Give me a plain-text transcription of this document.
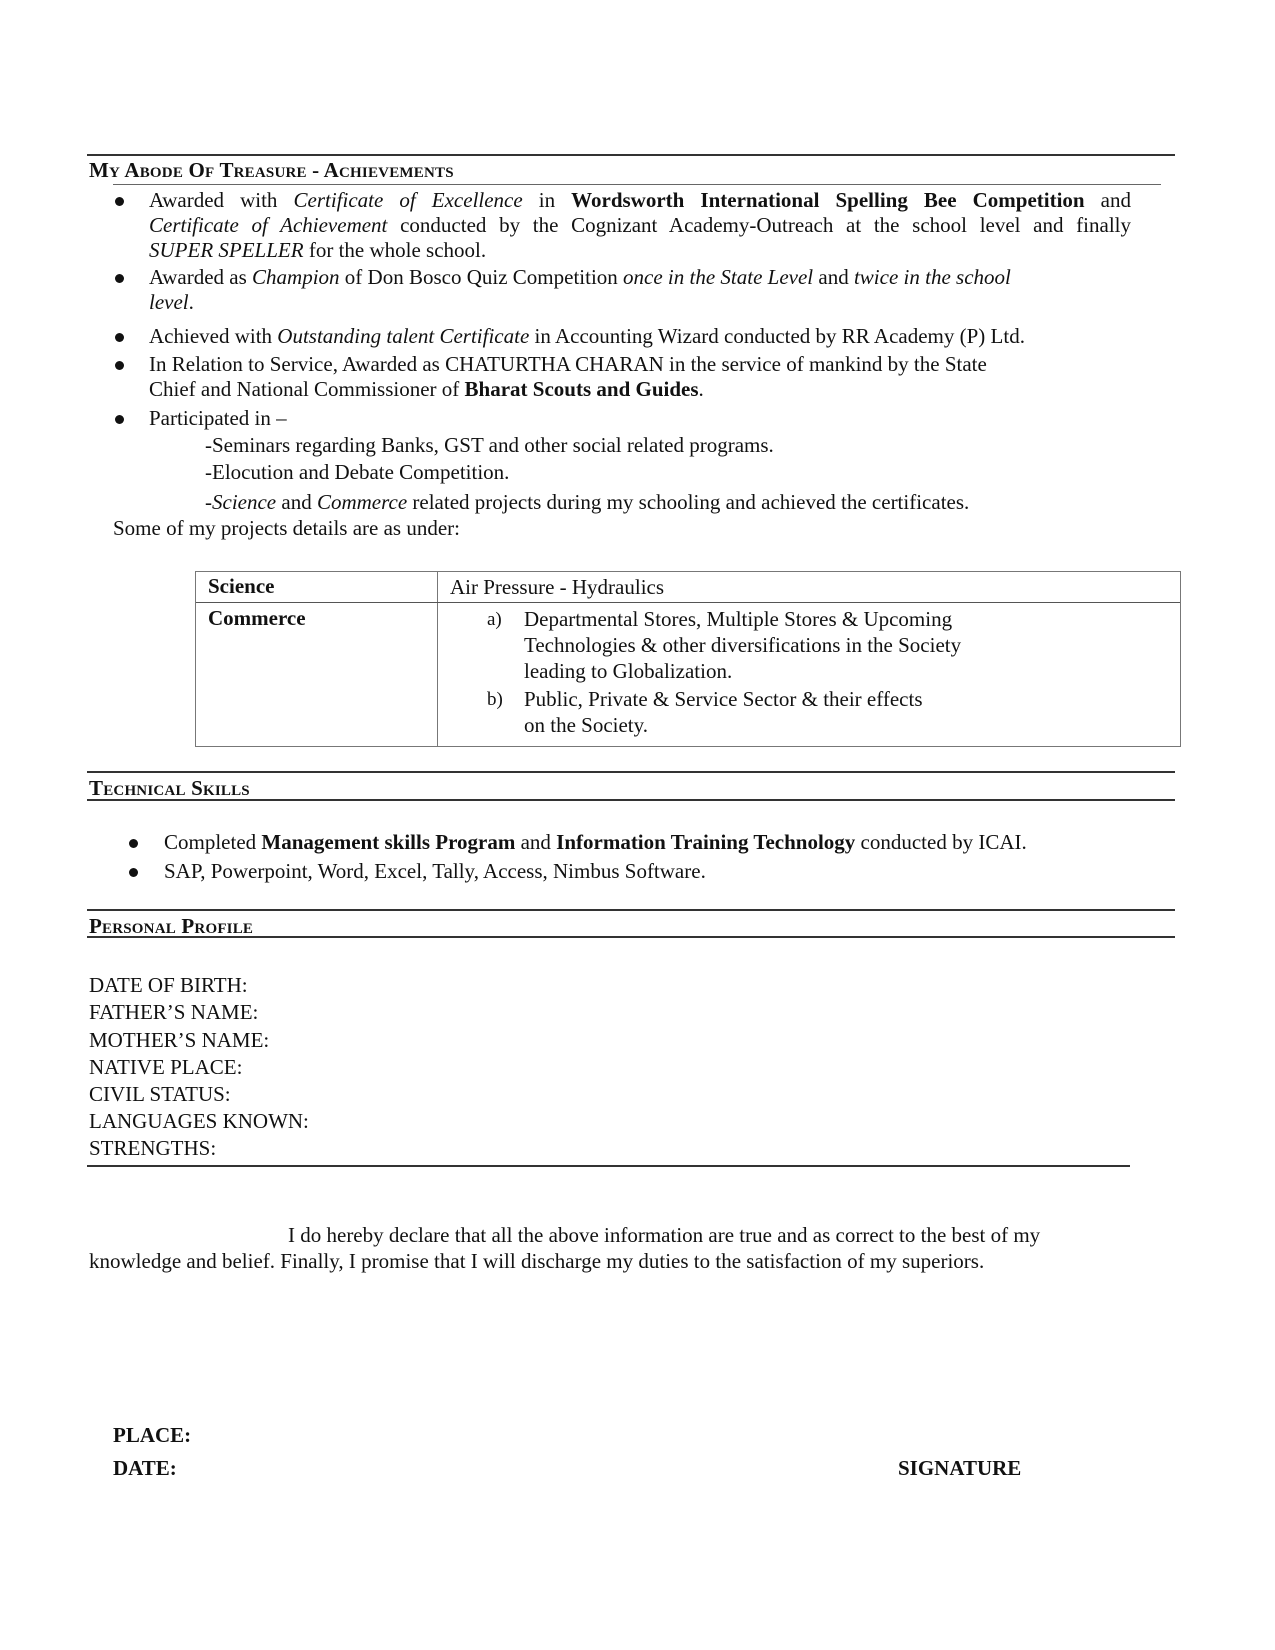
My Abode Of Treasure - Achievements
Awarded with Certificate of Excellence in Wordsworth International Spelling Bee Competition and
Certificate of Achievement conducted by the Cognizant Academy-Outreach at the school level and finally
SUPER SPELLER for the whole school.
Awarded as Champion of Don Bosco Quiz Competition once in the State Level and twice in the school
level.
Achieved with Outstanding talent Certificate in Accounting Wizard conducted by RR Academy (P) Ltd.
In Relation to Service, Awarded as CHATURTHA CHARAN in the service of mankind by the State
Chief and National Commissioner of Bharat Scouts and Guides.
Participated in –
-Seminars regarding Banks, GST and other social related programs.
-Elocution and Debate Competition.
-Science and Commerce related projects during my schooling and achieved the certificates.
Some of my projects details are as under:
Science	Air Pressure - Hydraulics
Commerce	a) Departmental Stores, Multiple Stores & Upcoming
Technologies & other diversifications in the Society
leading to Globalization.
b) Public, Private & Service Sector & their effects
on the Society.
Technical Skills
Completed Management skills Program and Information Training Technology conducted by ICAI.
SAP, Powerpoint, Word, Excel, Tally, Access, Nimbus Software.
Personal Profile
DATE OF BIRTH:
FATHER’S NAME:
MOTHER’S NAME:
NATIVE PLACE:
CIVIL STATUS:
LANGUAGES KNOWN:
STRENGTHS:
I do hereby declare that all the above information are true and as correct to the best of my
knowledge and belief. Finally, I promise that I will discharge my duties to the satisfaction of my superiors.
PLACE:
DATE:	SIGNATURE
